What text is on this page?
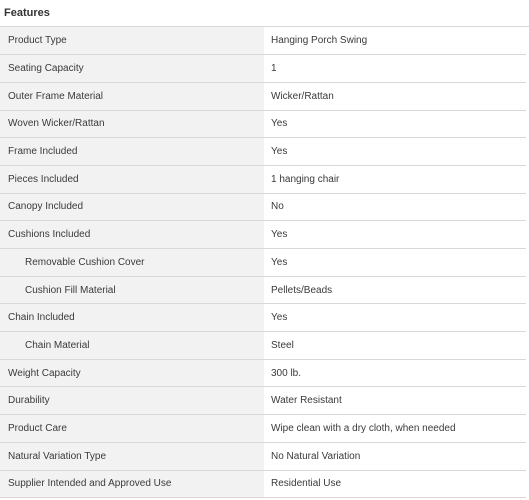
Features
Product Type	Hanging Porch Swing
Seating Capacity	1
Outer Frame Material	Wicker/Rattan
Woven Wicker/Rattan	Yes
Frame Included	Yes
Pieces Included	1 hanging chair
Canopy Included	No
Cushions Included	Yes
Removable Cushion Cover	Yes
Cushion Fill Material	Pellets/Beads
Chain Included	Yes
Chain Material	Steel
Weight Capacity	300 lb.
Durability	Water Resistant
Product Care	Wipe clean with a dry cloth, when needed
Natural Variation Type	No Natural Variation
Supplier Intended and Approved Use	Residential Use
